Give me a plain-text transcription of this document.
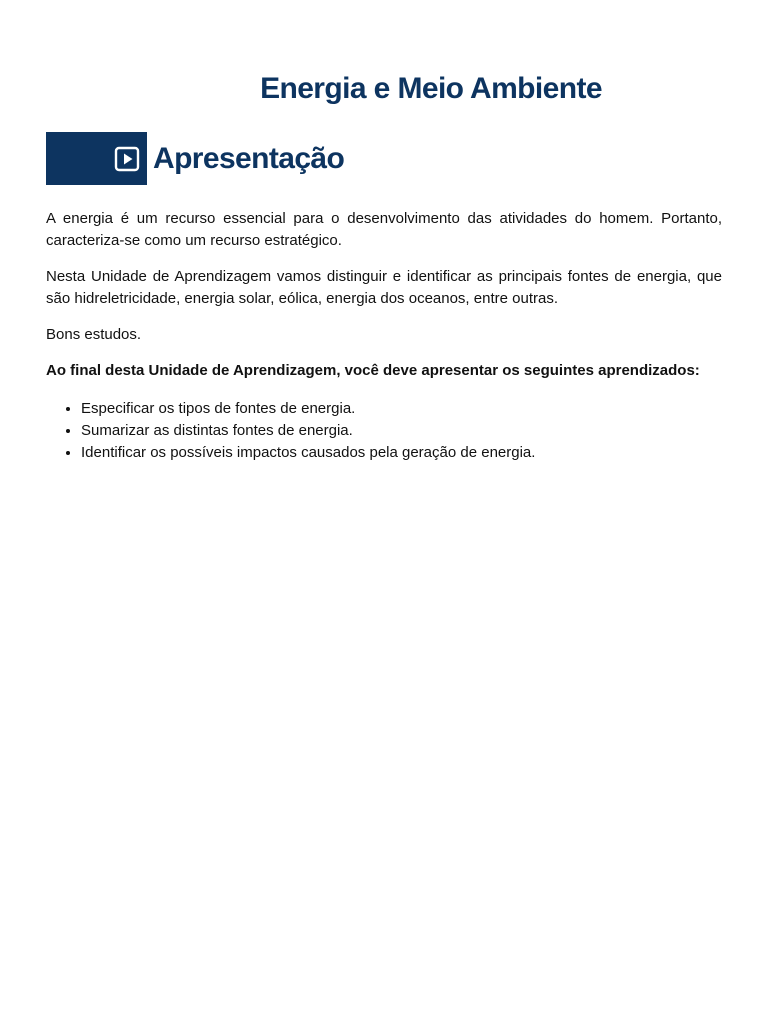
Energia e Meio Ambiente
Apresentação

A energia é um recurso essencial para o desenvolvimento das atividades do homem. Portanto, caracteriza-se como um recurso estratégico.

Nesta Unidade de Aprendizagem vamos distinguir e identificar as principais fontes de energia, que são hidreletricidade, energia solar, eólica, energia dos oceanos, entre outras.

Bons estudos.

Ao final desta Unidade de Aprendizagem, você deve apresentar os seguintes aprendizados:

• Especificar os tipos de fontes de energia.
• Sumarizar as distintas fontes de energia.
• Identificar os possíveis impactos causados pela geração de energia.
